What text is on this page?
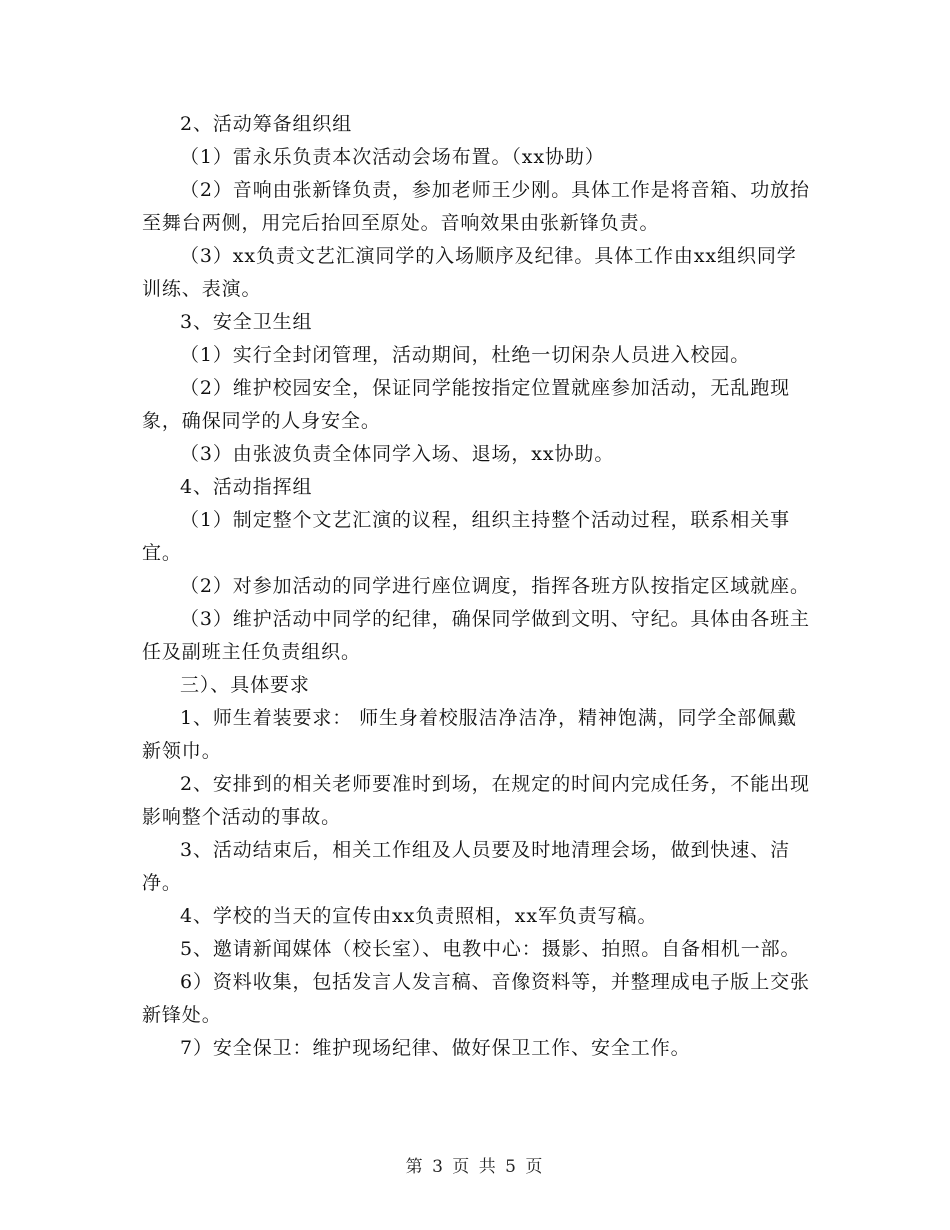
2、活动筹备组织组

（1）雷永乐负责本次活动会场布置。（xx协助）

（2）音响由张新锋负责，参加老师王少刚。具体工作是将音箱、功放抬至舞台两侧，用完后抬回至原处。音响效果由张新锋负责。

（3）xx负责文艺汇演同学的入场顺序及纪律。具体工作由xx组织同学训练、表演。

3、安全卫生组

（1）实行全封闭管理，活动期间，杜绝一切闲杂人员进入校园。

（2）维护校园安全，保证同学能按指定位置就座参加活动，无乱跑现象，确保同学的人身安全。

（3）由张波负责全体同学入场、退场，xx协助。

4、活动指挥组

（1）制定整个文艺汇演的议程，组织主持整个活动过程，联系相关事宜。

（2）对参加活动的同学进行座位调度，指挥各班方队按指定区域就座。

（3）维护活动中同学的纪律，确保同学做到文明、守纪。具体由各班主任及副班主任负责组织。

三）、具体要求

1、师生着装要求： 师生身着校服洁净洁净，精神饱满，同学全部佩戴新领巾。

2、安排到的相关老师要准时到场，在规定的时间内完成任务，不能出现影响整个活动的事故。

3、活动结束后，相关工作组及人员要及时地清理会场，做到快速、洁净。

4、学校的当天的宣传由xx负责照相，xx军负责写稿。

5、邀请新闻媒体（校长室）、电教中心：摄影、拍照。自备相机一部。

6）资料收集，包括发言人发言稿、音像资料等，并整理成电子版上交张新锋处。

7）安全保卫：维护现场纪律、做好保卫工作、安全工作。

第 3 页 共 5 页
